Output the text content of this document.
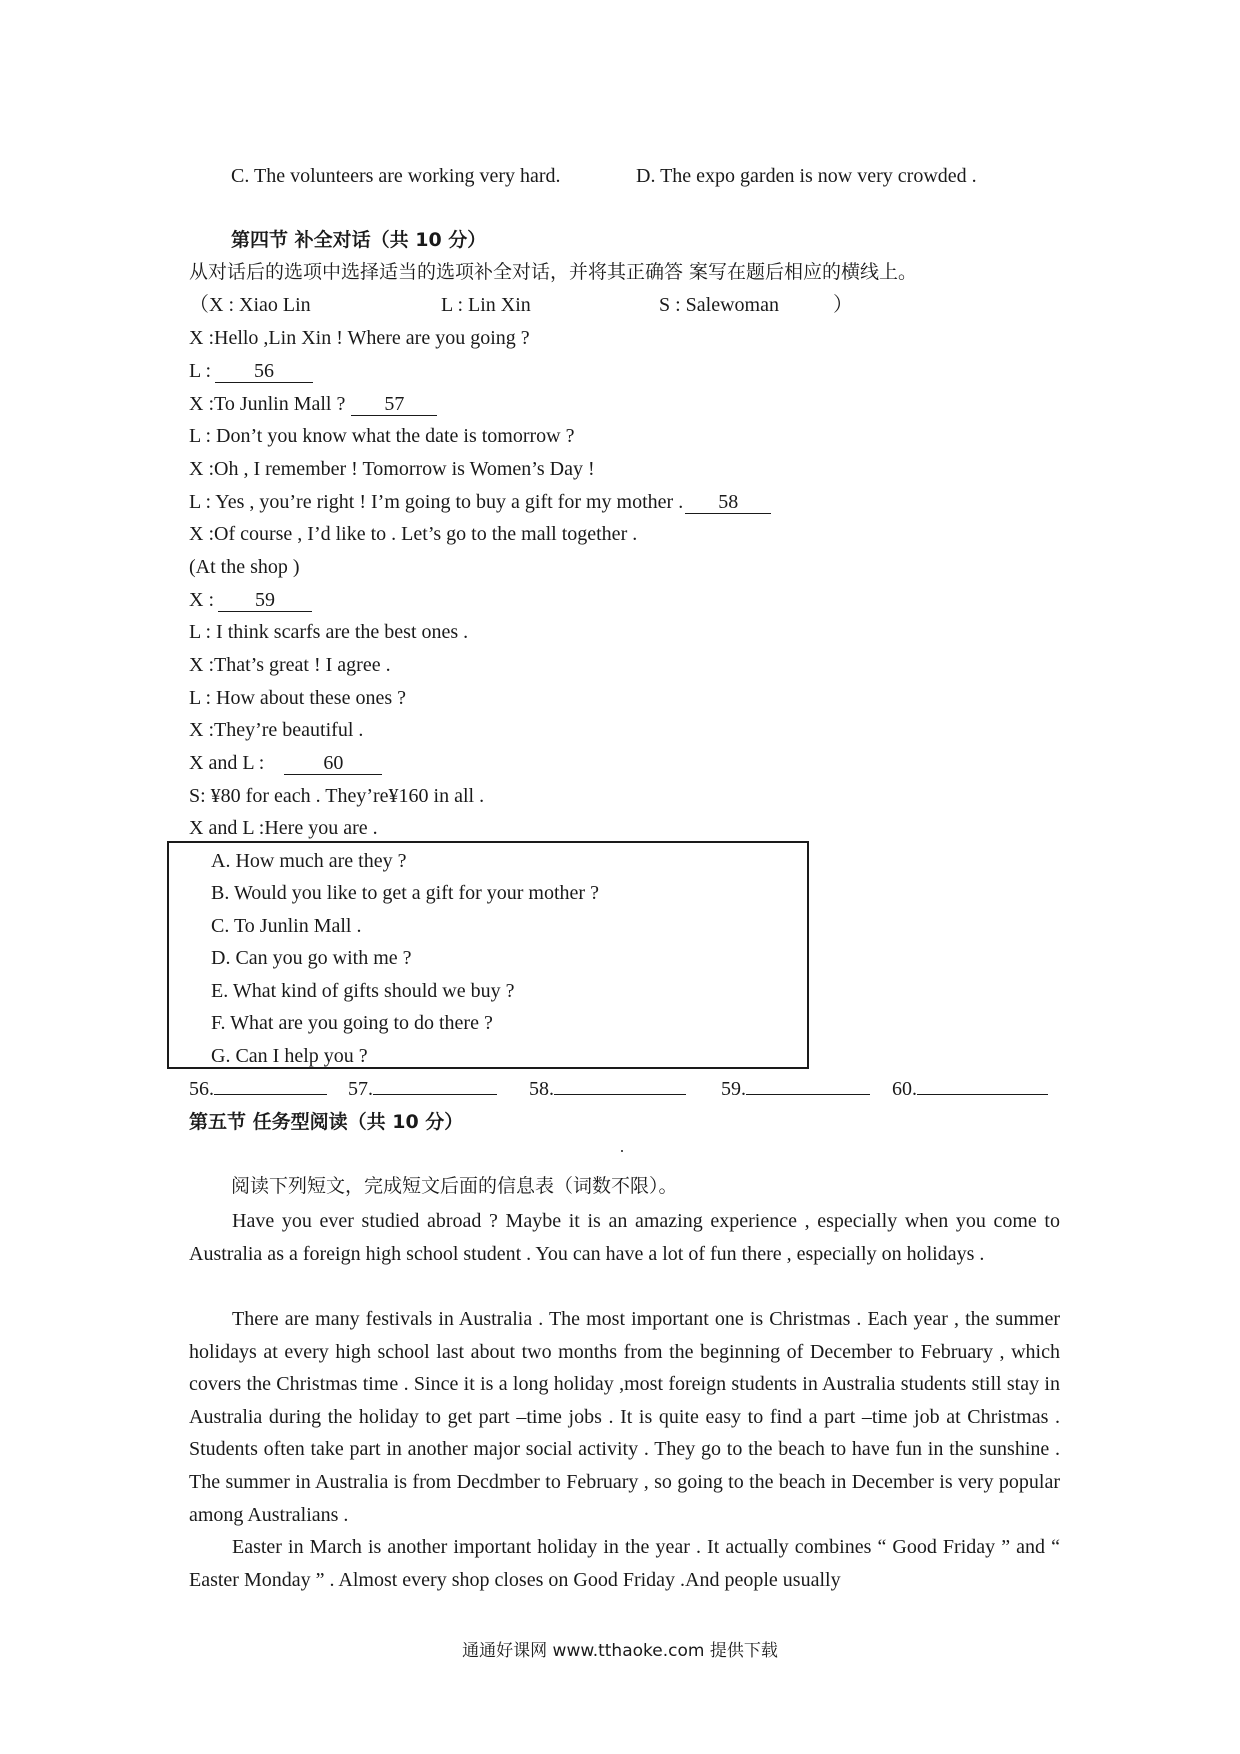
C. The volunteers are working very hard.	D. The expo garden is now very crowded .
第四节 补全对话（共 10 分）
从对话后的选项中选择适当的选项补全对话，并将其正确答 案写在题后相应的横线上。
（X : Xiao Lin	L : Lin Xin	S : Salewoman	）
X :Hello ,Lin Xin ! Where are you going ?
L : 56
X :To Junlin Mall ? 57
L : Don’t you know what the date is tomorrow ?
X :Oh , I remember ! Tomorrow is Women’s Day !
L : Yes , you’re right ! I’m going to buy a gift for my mother . 58
X :Of course , I’d like to . Let’s go to the mall together .
(At the shop )
X : 59
L : I think scarfs are the best ones .
X :That’s great ! I agree .
L : How about these ones ?
X :They’re beautiful .
X and L :	60
S: ¥80 for each . They’re¥160 in all .
X and L :Here you are .
A. How much are they ?
B. Would you like to get a gift for your mother ?
C. To Junlin Mall .
D. Can you go with me ?
E. What kind of gifts should we buy ?
F. What are you going to do there ?
G. Can I help you ?
56.	57.	58.	59.	60.
第五节 任务型阅读（共 10 分）
阅读下列短文，完成短文后面的信息表（词数不限）。
Have you ever studied abroad ? Maybe it is an amazing experience , especially when you come to Australia as a foreign high school student . You can have a lot of fun there , especially on holidays .
There are many festivals in Australia . The most important one is Christmas . Each year , the summer holidays at every high school last about two months from the beginning of December to February , which covers the Christmas time . Since it is a long holiday ,most foreign students in Australia students still stay in Australia during the holiday to get part –time jobs . It is quite easy to find a part –time job at Christmas . Students often take part in another major social activity . They go to the beach to have fun in the sunshine . The summer in Australia is from Decdmber to February , so going to the beach in December is very popular among Australians .
Easter in March is another important holiday in the year . It actually combines “ Good Friday ” and “ Easter Monday ” . Almost every shop closes on Good Friday .And people usually
通通好课网 www.tthaoke.com 提供下载
